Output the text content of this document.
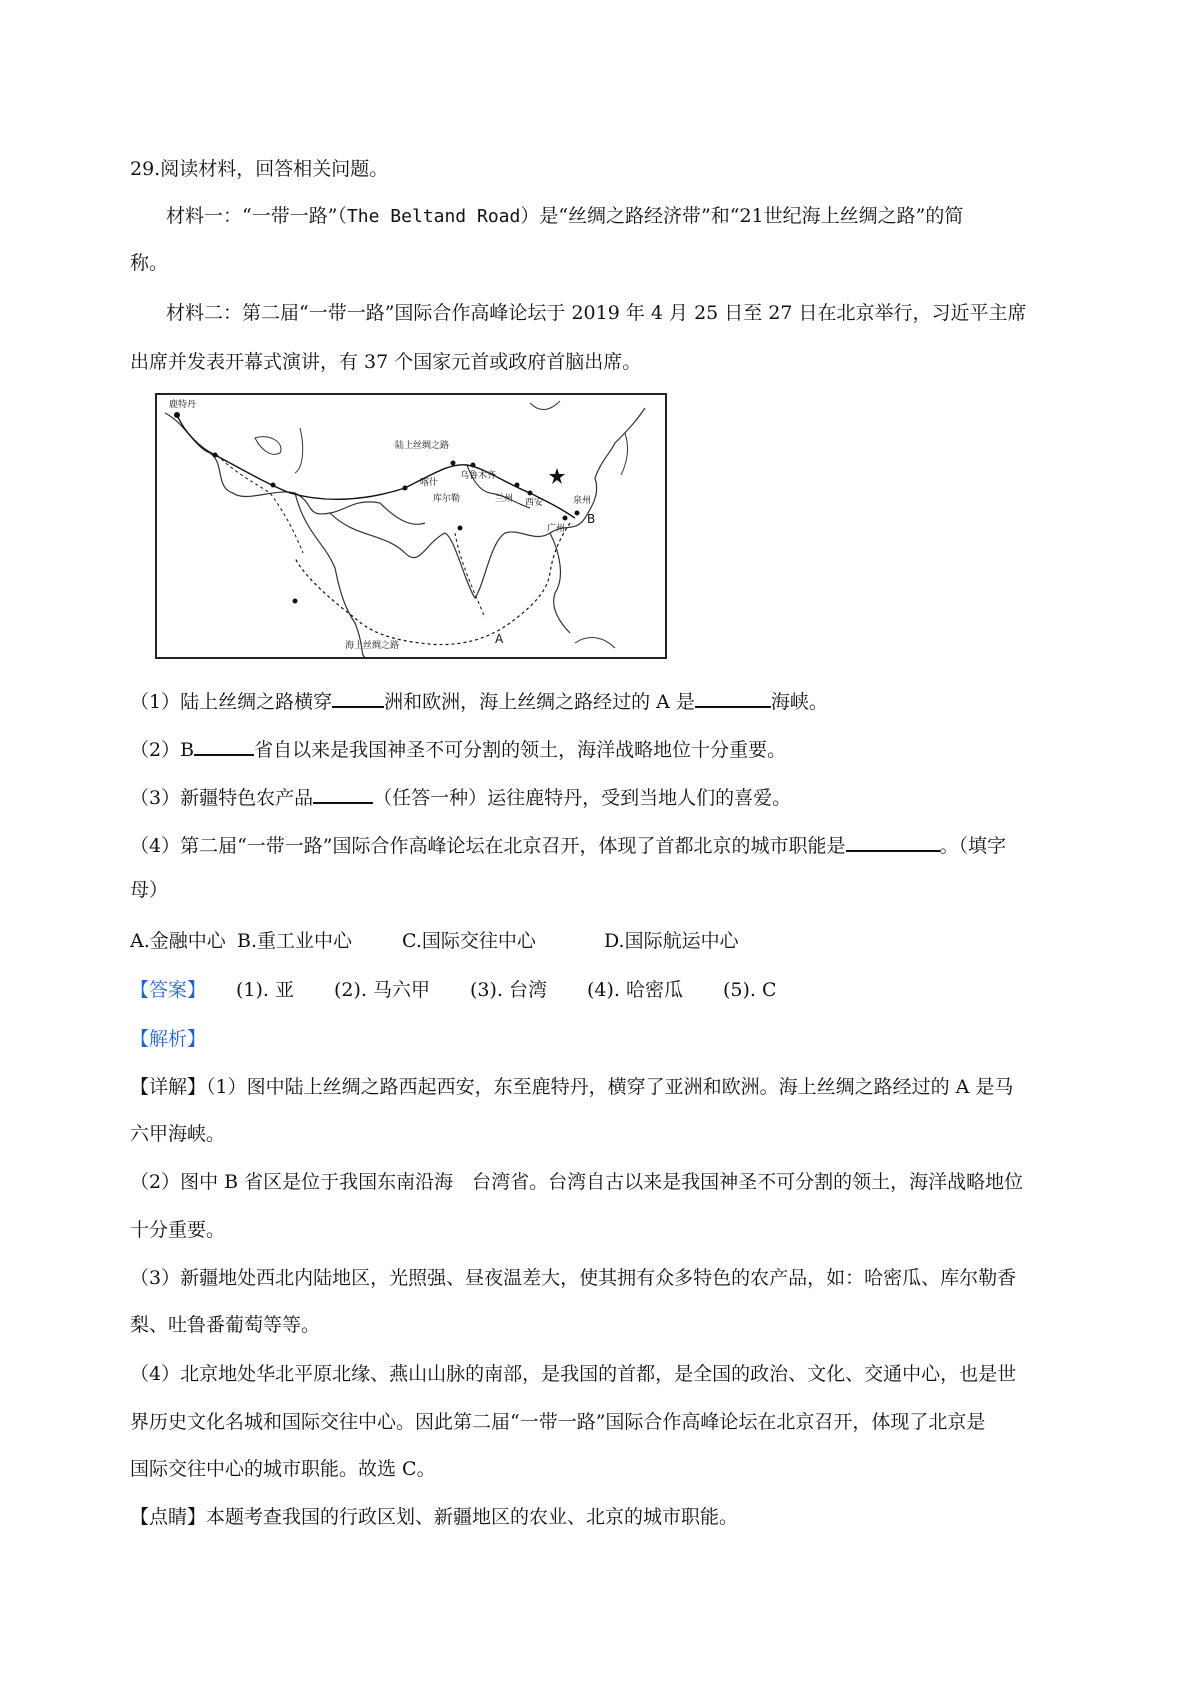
29.阅读材料，回答相关问题。
材料一：“一带一路”（The Beltand Road）是“丝绸之路经济带”和“21世纪海上丝绸之路”的简
称。
材料二：第二届“一带一路”国际合作高峰论坛于 2019 年 4 月 25 日至 27 日在北京举行，习近平主席
出席并发表开幕式演讲，有 37 个国家元首或政府首脑出席。
鹿特丹
陆上丝绸之路
喀什
库尔勒
乌鲁木齐
兰州 西安
广州
泉州
海上丝绸之路	A
B
（1）陆上丝绸之路横穿	洲和欧洲，海上丝绸之路经过的 A 是	海峡。
（2）B	省自以来是我国神圣不可分割的领土，海洋战略地位十分重要。
（3）新疆特色农产品	（任答一种）运往鹿特丹，受到当地人们的喜爱。
（4）第二届“一带一路”国际合作高峰论坛在北京召开，体现了首都北京的城市职能是	。（填字
母）
A.金融中心 B.重工业中心	C.国际交往中心	D.国际航运中心
【答案】 (1). 亚 (2). 马六甲 (3). 台湾 (4). 哈密瓜 (5). C
【解析】
【详解】（1）图中陆上丝绸之路西起西安，东至鹿特丹，横穿了亚洲和欧洲。海上丝绸之路经过的 A 是马
六甲海峡。
（2）图中 B 省区是位于我国东南沿海　台湾省。台湾自古以来是我国神圣不可分割的领土，海洋战略地位
十分重要。
（3）新疆地处西北内陆地区，光照强、昼夜温差大，使其拥有众多特色的农产品，如：哈密瓜、库尔勒香
梨、吐鲁番葡萄等等。
（4）北京地处华北平原北缘、燕山山脉的南部，是我国的首都，是全国的政治、文化、交通中心，也是世
界历史文化名城和国际交往中心。因此第二届“一带一路”国际合作高峰论坛在北京召开，体现了北京是
国际交往中心的城市职能。故选 C。
【点睛】本题考查我国的行政区划、新疆地区的农业、北京的城市职能。
